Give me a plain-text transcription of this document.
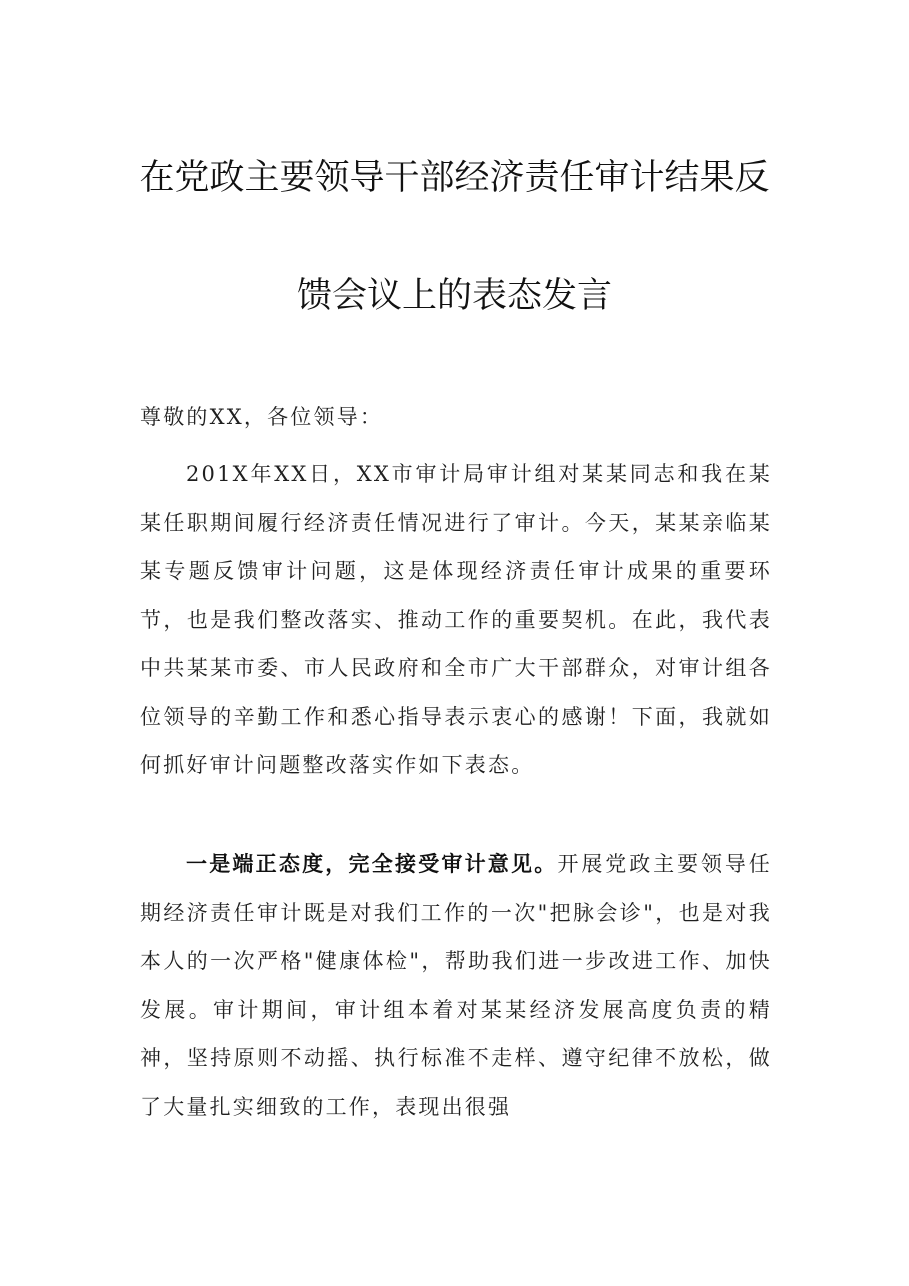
在党政主要领导干部经济责任审计结果反
馈会议上的表态发言

尊敬的XX，各位领导：

201X年XX日，XX市审计局审计组对某某同志和我在某某任职期间履行经济责任情况进行了审计。今天，某某亲临某某专题反馈审计问题，这是体现经济责任审计成果的重要环节，也是我们整改落实、推动工作的重要契机。在此，我代表中共某某市委、市人民政府和全市广大干部群众，对审计组各位领导的辛勤工作和悉心指导表示衷心的感谢！下面，我就如何抓好审计问题整改落实作如下表态。

一是端正态度，完全接受审计意见。开展党政主要领导任期经济责任审计既是对我们工作的一次"把脉会诊"，也是对我本人的一次严格"健康体检"，帮助我们进一步改进工作、加快发展。审计期间，审计组本着对某某经济发展高度负责的精神，坚持原则不动摇、执行标准不走样、遵守纪律不放松，做了大量扎实细致的工作，表现出很强
